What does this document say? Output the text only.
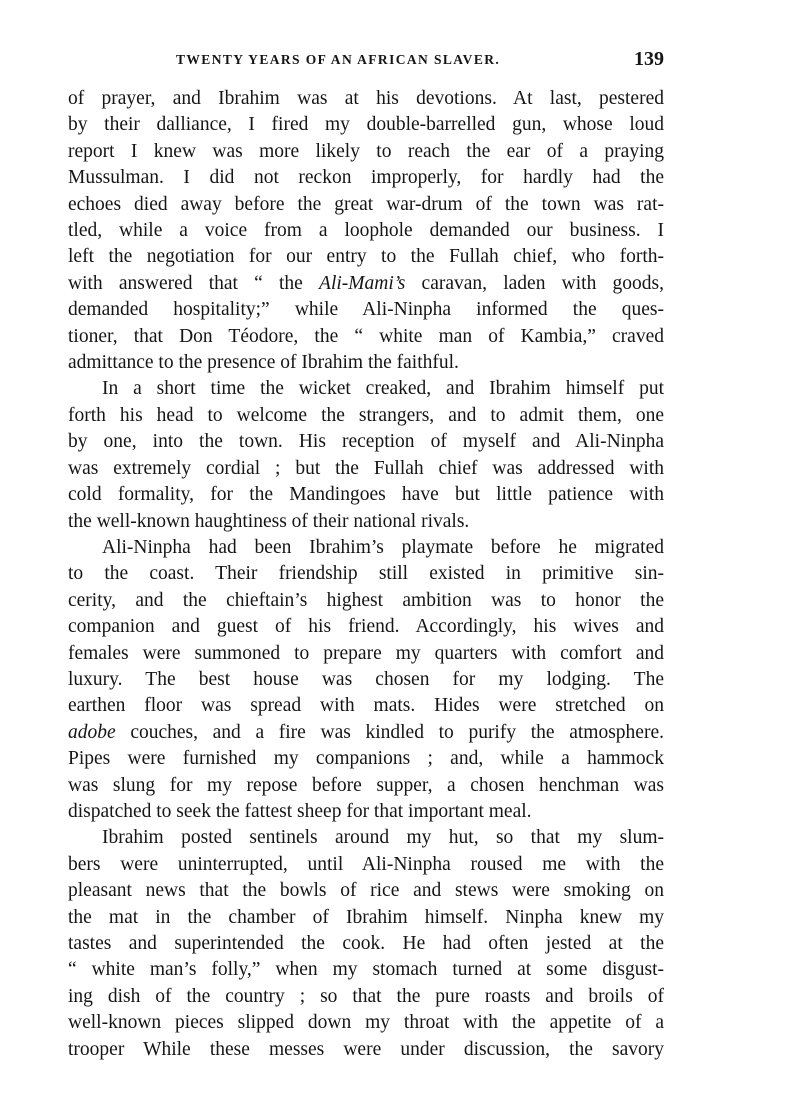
TWENTY YEARS OF AN AFRICAN SLAVER.	139
of prayer, and Ibrahim was at his devotions. At last, pestered
by their dalliance, I fired my double-barrelled gun, whose loud
report I knew was more likely to reach the ear of a praying
Mussulman. I did not reckon improperly, for hardly had the
echoes died away before the great war-drum of the town was rat-
tled, while a voice from a loophole demanded our business. I
left the negotiation for our entry to the Fullah chief, who forth-
with answered that “ the Ali-Mami’s caravan, laden with goods,
demanded hospitality;” while Ali-Ninpha informed the ques-
tioner, that Don Téodore, the “ white man of Kambia,” craved
admittance to the presence of Ibrahim the faithful.
In a short time the wicket creaked, and Ibrahim himself put
forth his head to welcome the strangers, and to admit them, one
by one, into the town. His reception of myself and Ali-Ninpha
was extremely cordial ; but the Fullah chief was addressed with
cold formality, for the Mandingoes have but little patience with
the well-known haughtiness of their national rivals.
Ali-Ninpha had been Ibrahim’s playmate before he migrated
to the coast. Their friendship still existed in primitive sin-
cerity, and the chieftain’s highest ambition was to honor the
companion and guest of his friend. Accordingly, his wives and
females were summoned to prepare my quarters with comfort and
luxury. The best house was chosen for my lodging. The
earthen floor was spread with mats. Hides were stretched on
adobe couches, and a fire was kindled to purify the atmosphere.
Pipes were furnished my companions ; and, while a hammock
was slung for my repose before supper, a chosen henchman was
dispatched to seek the fattest sheep for that important meal.
Ibrahim posted sentinels around my hut, so that my slum-
bers were uninterrupted, until Ali-Ninpha roused me with the
pleasant news that the bowls of rice and stews were smoking on
the mat in the chamber of Ibrahim himself. Ninpha knew my
tastes and superintended the cook. He had often jested at the
“ white man’s folly,” when my stomach turned at some disgust-
ing dish of the country ; so that the pure roasts and broils of
well-known pieces slipped down my throat with the appetite of a
trooper While these messes were under discussion, the savory
